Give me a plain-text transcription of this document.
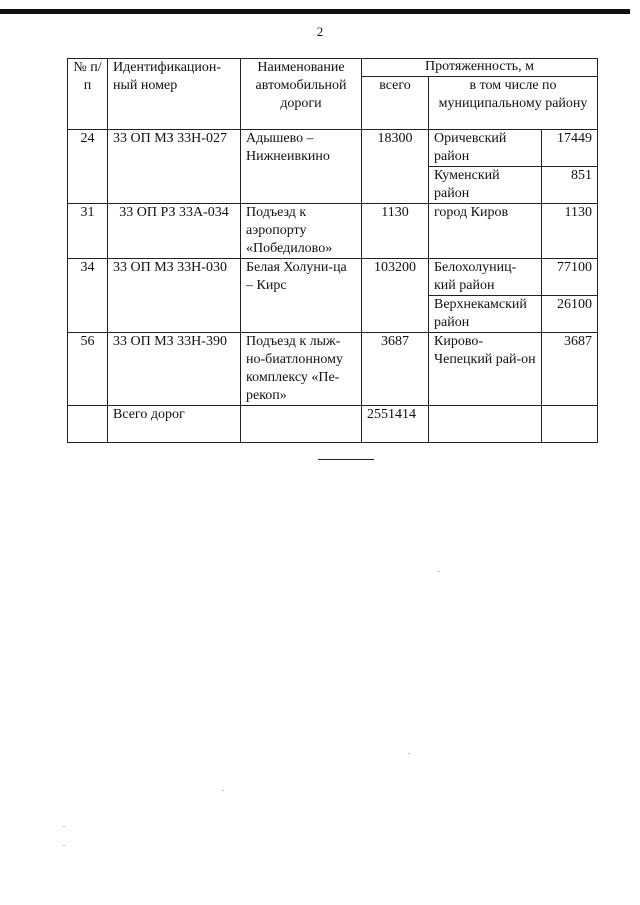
2
№ п/п	Идентификацион-ный номер	Наименование автомобильной дороги	Протяженность, м		
			всего	в том числе по муниципальному району	
24	33 ОП МЗ 33Н-027	Адышево – Нижнеивкино	18300	Оричевский район	17449
				Куменский район	851
31	33 ОП РЗ 33А-034	Подъезд к аэропорту «Победилово»	1130	город Киров	1130
34	33 ОП МЗ 33Н-030	Белая Холуни-ца – Кирс	103200	Белохолуниц-кий район	77100
				Верхнекамский район	26100
56	33 ОП МЗ 33Н-390	Подъезд к лыж-но-биатлонному комплексу «Пе-рекоп»	3687	Кирово-Чепецкий рай-он	3687
	Всего дорог		2551414		
